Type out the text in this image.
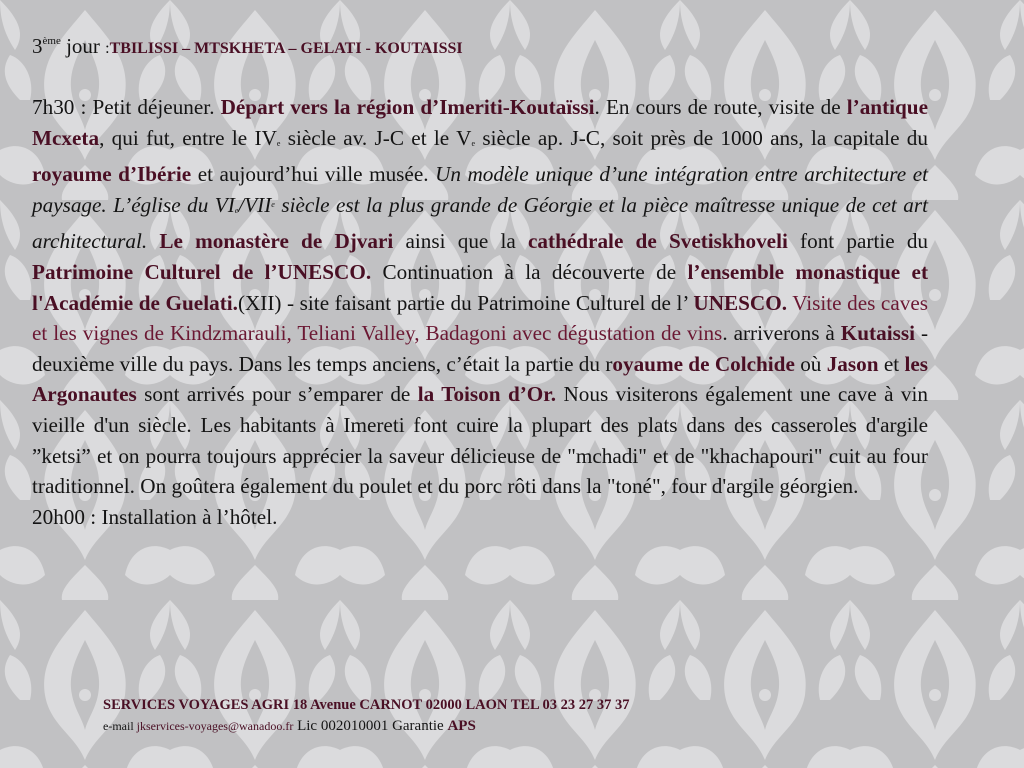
3ème jour :TBILISSI – MTSKHETA – GELATI - KOUTAISSI

7h30 : Petit déjeuner. Départ vers la région d’Imeriti-Koutaïssi. En cours de route, visite de l’antique Mcxeta, qui fut, entre le IVe siècle av. J-C et le Ve siècle ap. J-C, soit près de 1000 ans, la capitale du royaume d’Ibérie et aujourd’hui ville musée. Un modèle unique d’une intégration entre architecture et paysage. L’église du VIe/VIIe siècle est la plus grande de Géorgie et la pièce maîtresse unique de cet art architectural. Le monastère de Djvari ainsi que la cathédrale de Svetiskhoveli font partie du Patrimoine Culturel de l’UNESCO. Continuation à la découverte de l’ensemble monastique et l'Académie de Guelati.(XII) - site faisant partie du Patrimoine Culturel de l’ UNESCO. Visite des caves et les vignes de Kindzmarauli, Teliani Valley, Badagoni avec dégustation de vins. arriverons à Kutaissi - deuxième ville du pays. Dans les temps anciens, c’était la partie du royaume de Colchide où Jason et les Argonautes sont arrivés pour s’emparer de la Toison d’Or. Nous visiterons également une cave à vin vieille d'un siècle. Les habitants à Imereti font cuire la plupart des plats dans des casseroles d'argile ”ketsi” et on pourra toujours apprécier la saveur délicieuse de "mchadi" et de "khachapouri" cuit au four traditionnel. On goûtera également du poulet et du porc rôti dans la "toné", four d'argile géorgien.

20h00 : Installation à l’hôtel.

SERVICES VOYAGES AGRI 18 Avenue CARNOT 02000 LAON TEL 03 23 27 37 37
e-mail jkservices-voyages@wanadoo.fr Lic 002010001 Garantie APS
